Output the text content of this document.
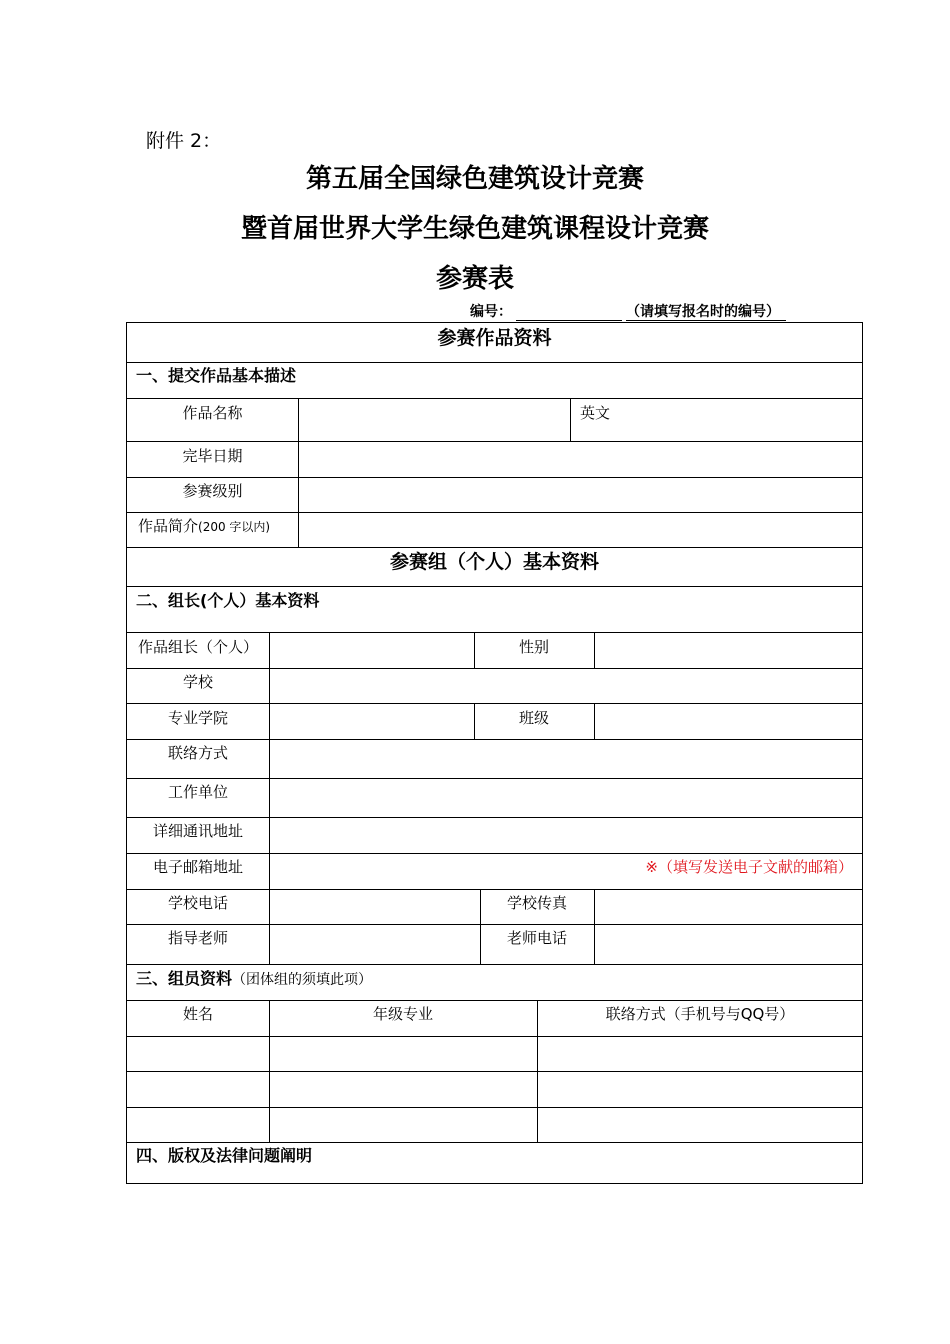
附件 2：
第五届全国绿色建筑设计竞赛
暨首届世界大学生绿色建筑课程设计竞赛
参赛表
编号：	（请填写报名时的编号）
参赛作品资料
一、提交作品基本描述
作品名称	英文
完毕日期
参赛级别
作品简介(200 字以内)
参赛组（个人）基本资料
二、组长(个人）基本资料
作品组长（个人）	性别
学校
专业学院	班级
联络方式
工作单位
详细通讯地址
电子邮箱地址	※（填写发送电子文献的邮箱）
学校电话	学校传真
指导老师	老师电话
三、组员资料（团体组的须填此项）
姓名	年级专业	联络方式（手机号与QQ号）
四、版权及法律问题阐明
